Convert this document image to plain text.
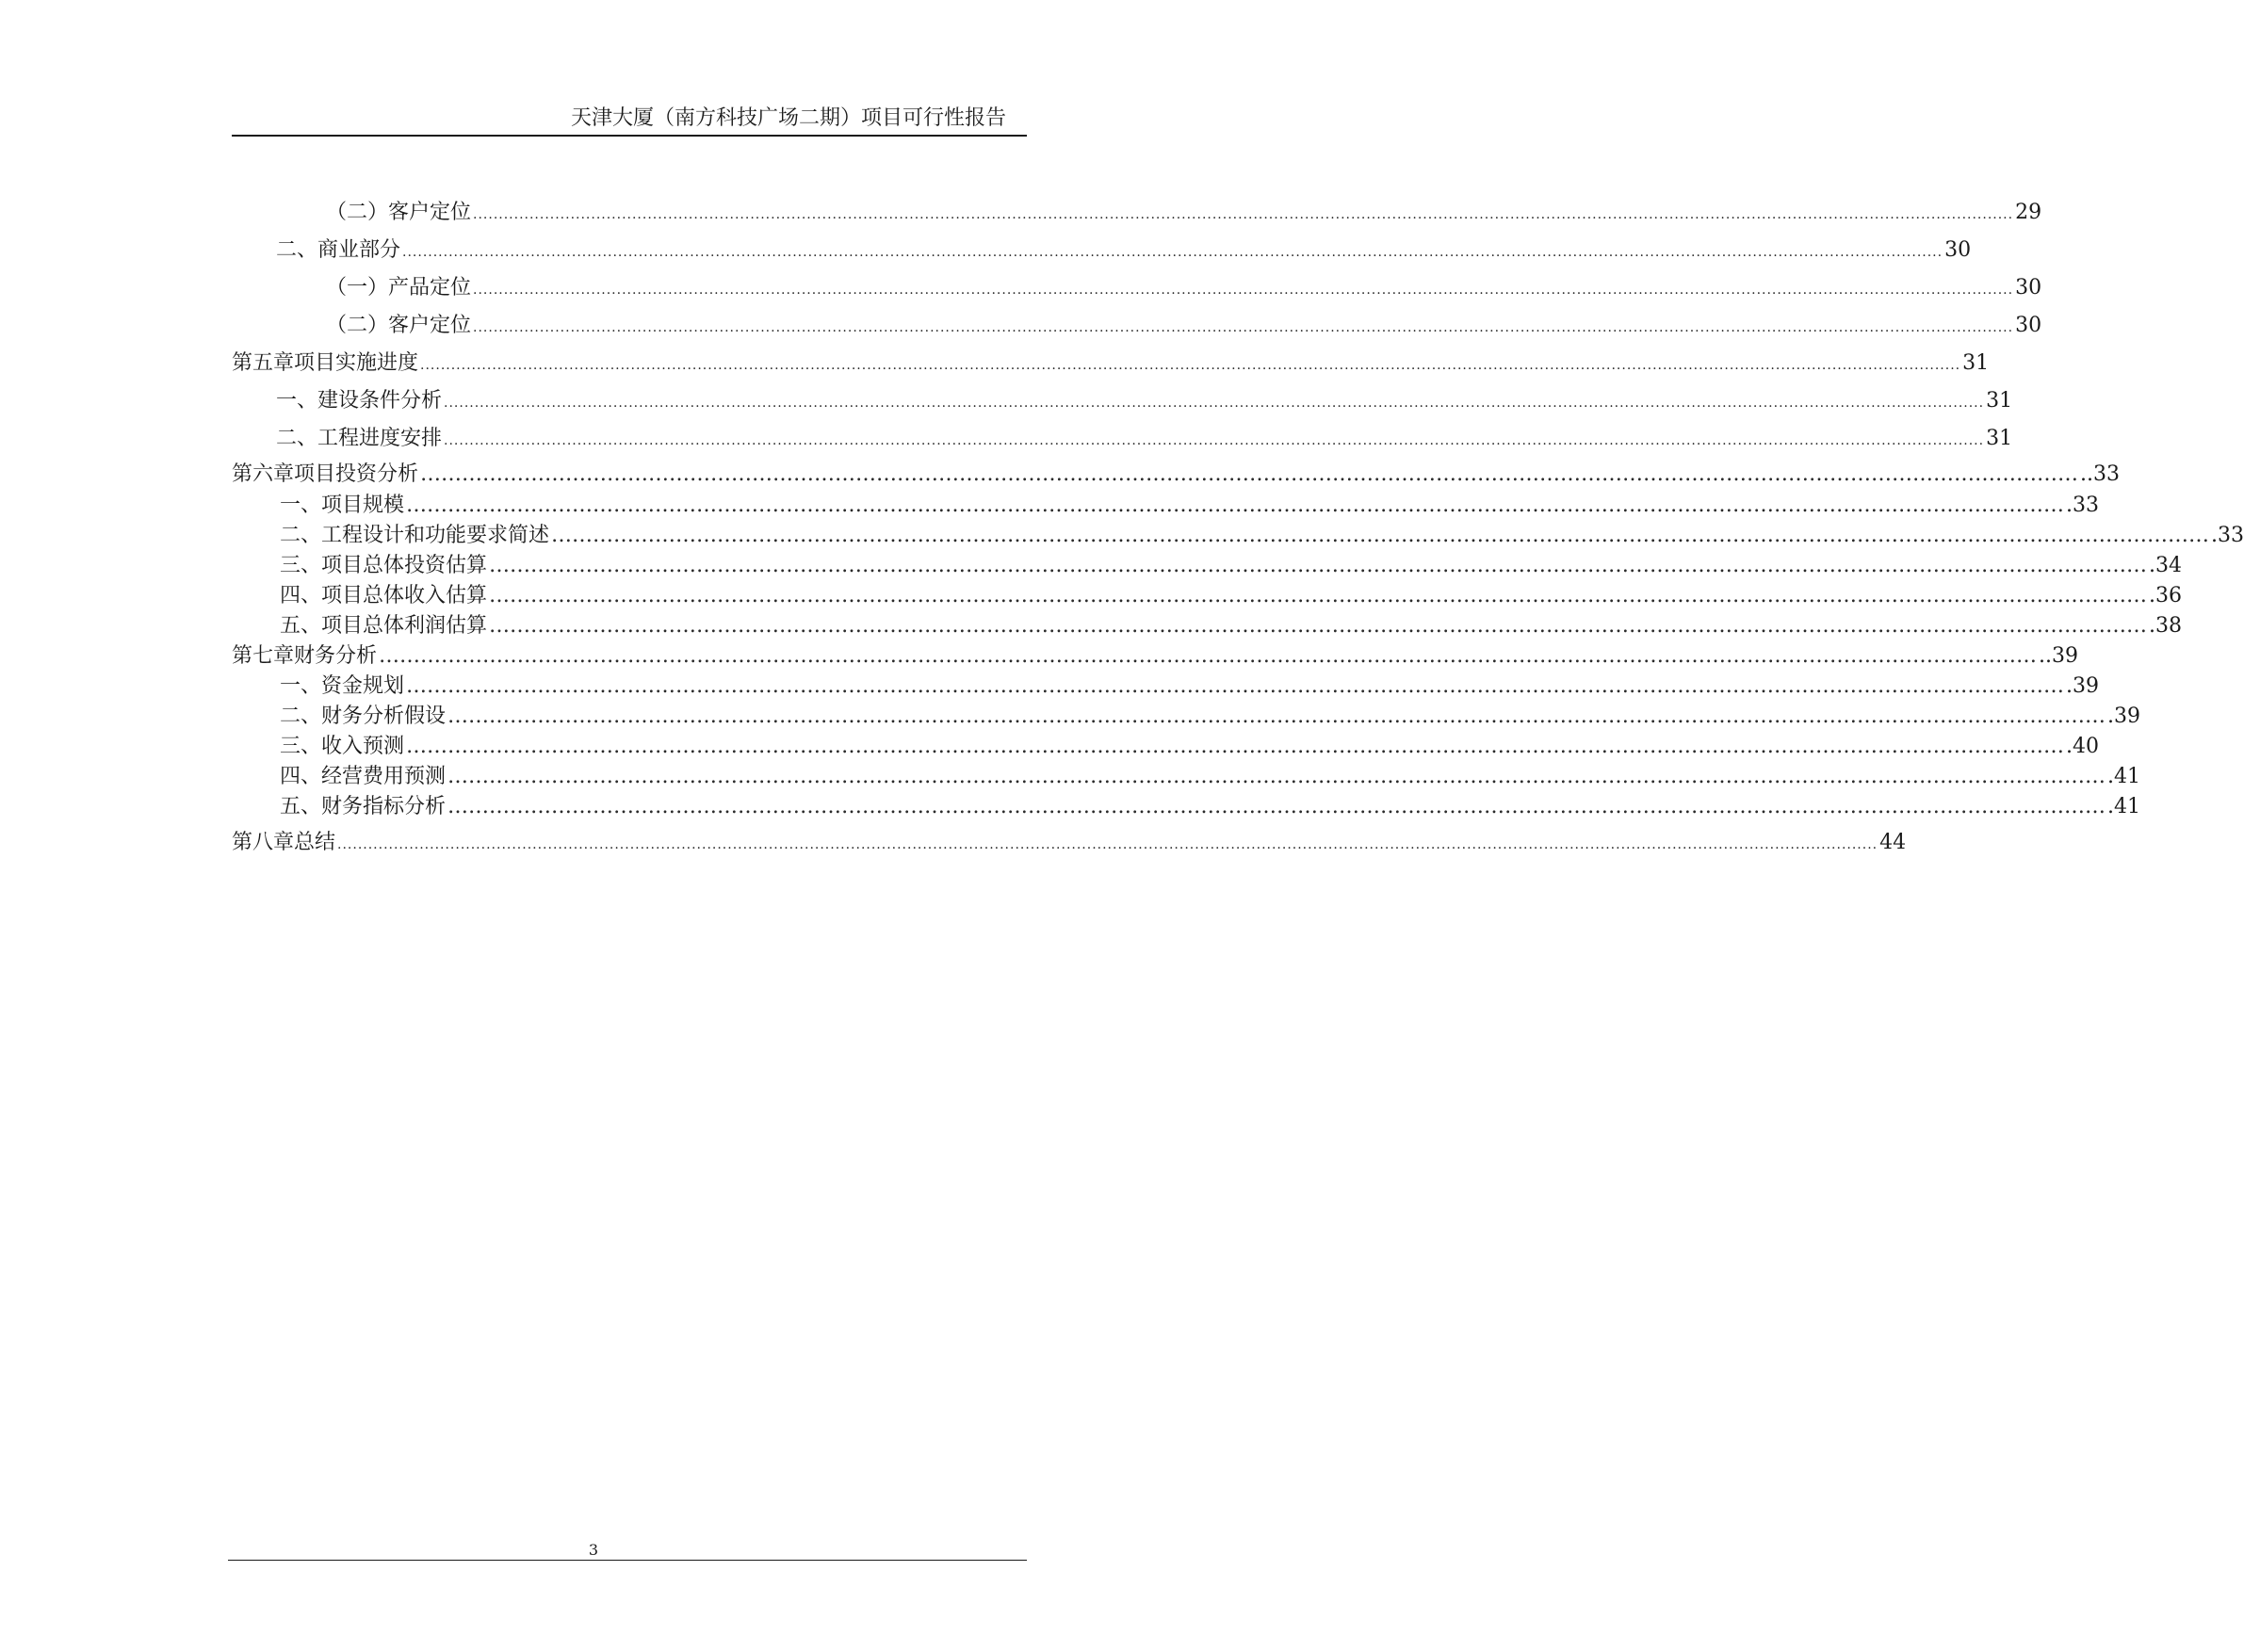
天津大厦（南方科技广场二期）项目可行性报告
（二）客户定位 ............................................................................................................................................................................................................................................................................................................ 29
二、商业部分 ............................................................................................................................................................................................................................................................................................................ 30
（一）产品定位 ............................................................................................................................................................................................................................................................................................................ 30
（二）客户定位 ............................................................................................................................................................................................................................................................................................................ 30
第五章 项目实施进度 ............................................................................................................................................................................................................................................................................................................ 31
一、建设条件分析 ............................................................................................................................................................................................................................................................................................................ 31
二、工程进度安排 ............................................................................................................................................................................................................................................................................................................ 31
第六章 项目投资分析 …………………………………………………………………………………………………………………………………………………………………………………………………………………… ..33
一、项目规模 …………………………………………………………………………………………………………………………………………………………………………………………………………………… .33
二、工程设计和功能要求简述 …………………………………………………………………………………………………………………………………………………………………………………………………………………… .33
三、项目总体投资估算 …………………………………………………………………………………………………………………………………………………………………………………………………………………… .34
四、项目总体收入估算 …………………………………………………………………………………………………………………………………………………………………………………………………………………… .36
五、项目总体利润估算 …………………………………………………………………………………………………………………………………………………………………………………………………………………… .38
第七章 财务分析 …………………………………………………………………………………………………………………………………………………………………………………………………………………… ..39
一、资金规划 …………………………………………………………………………………………………………………………………………………………………………………………………………………… .39
二、财务分析假设 …………………………………………………………………………………………………………………………………………………………………………………………………………………… .39
三、收入预测 …………………………………………………………………………………………………………………………………………………………………………………………………………………… .40
四、经营费用预测 …………………………………………………………………………………………………………………………………………………………………………………………………………………… .41
五、财务指标分析 …………………………………………………………………………………………………………………………………………………………………………………………………………………… .41
第八章 总结 ............................................................................................................................................................................................................................................................................................................ 44
3
